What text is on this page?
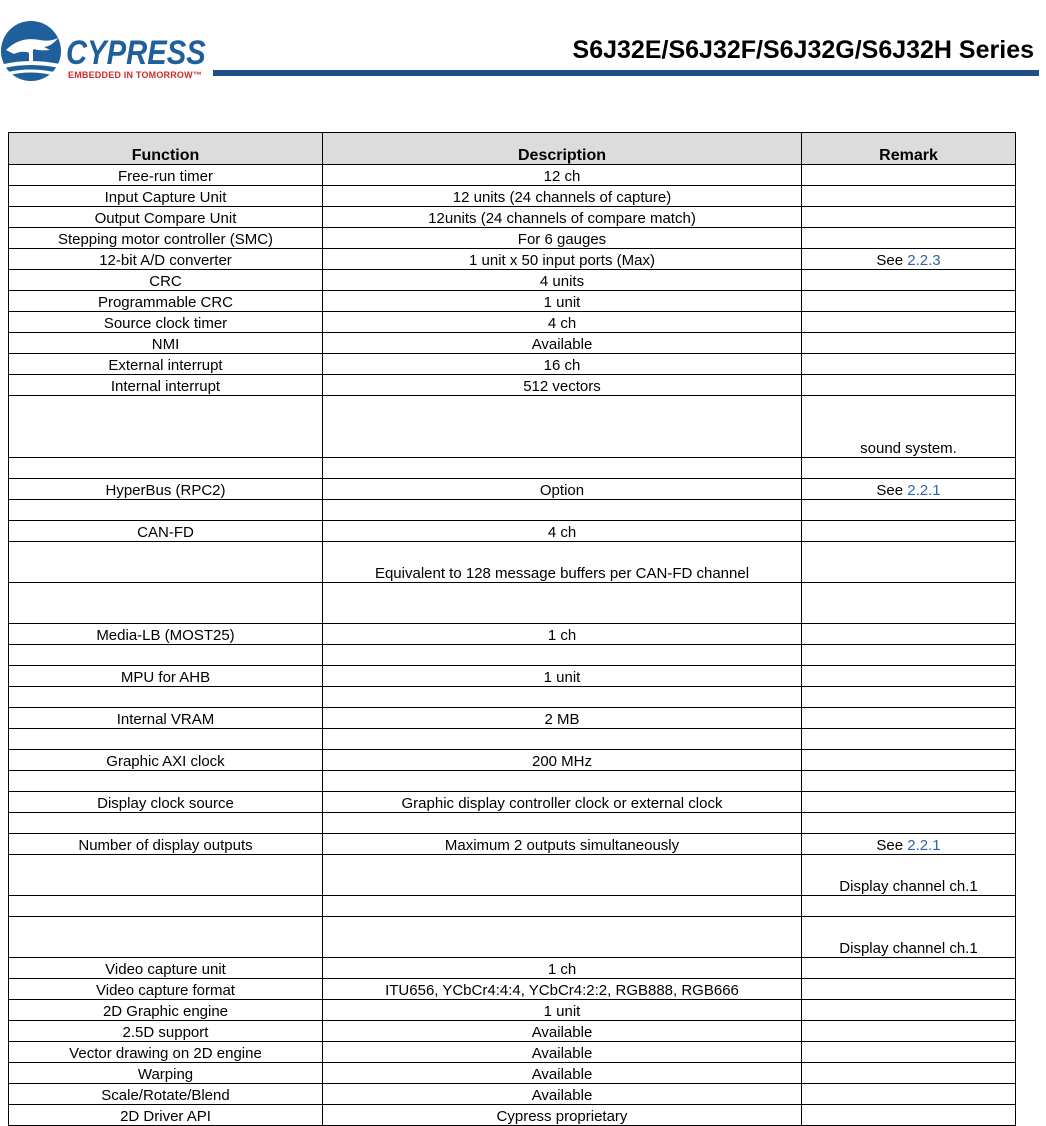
CYPRESS
EMBEDDED IN TOMORROW™
S6J32E/S6J32F/S6J32G/S6J32H Series
Function	Description	Remark
Free-run timer	12 ch	
Input Capture Unit	12 units (24 channels of capture)	
Output Compare Unit	12units (24 channels of compare match)	
Stepping motor controller (SMC)	For 6 gauges	
12-bit A/D converter	1 unit x 50 input ports (Max)	See 2.2.3
CRC	4 units	
Programmable CRC	1 unit	
Source clock timer	4 ch	
NMI	Available	
External interrupt	16 ch	
Internal interrupt	512 vectors	
		sound system.

HyperBus (RPC2)	Option	See 2.2.1

CAN-FD	4 ch	
	Equivalent to 128 message buffers per CAN-FD channel	

Media-LB (MOST25)	1 ch	

MPU for AHB	1 unit	

Internal VRAM	2 MB	

Graphic AXI clock	200 MHz	

Display clock source	Graphic display controller clock or external clock	

Number of display outputs	Maximum 2 outputs simultaneously	See 2.2.1
		Display channel ch.1

		Display channel ch.1
Video capture unit	1 ch	
Video capture format	ITU656, YCbCr4:4:4, YCbCr4:2:2, RGB888, RGB666	
2D Graphic engine	1 unit	
2.5D support	Available	
Vector drawing on 2D engine	Available	
Warping	Available	
Scale/Rotate/Blend	Available	
2D Driver API	Cypress proprietary	
